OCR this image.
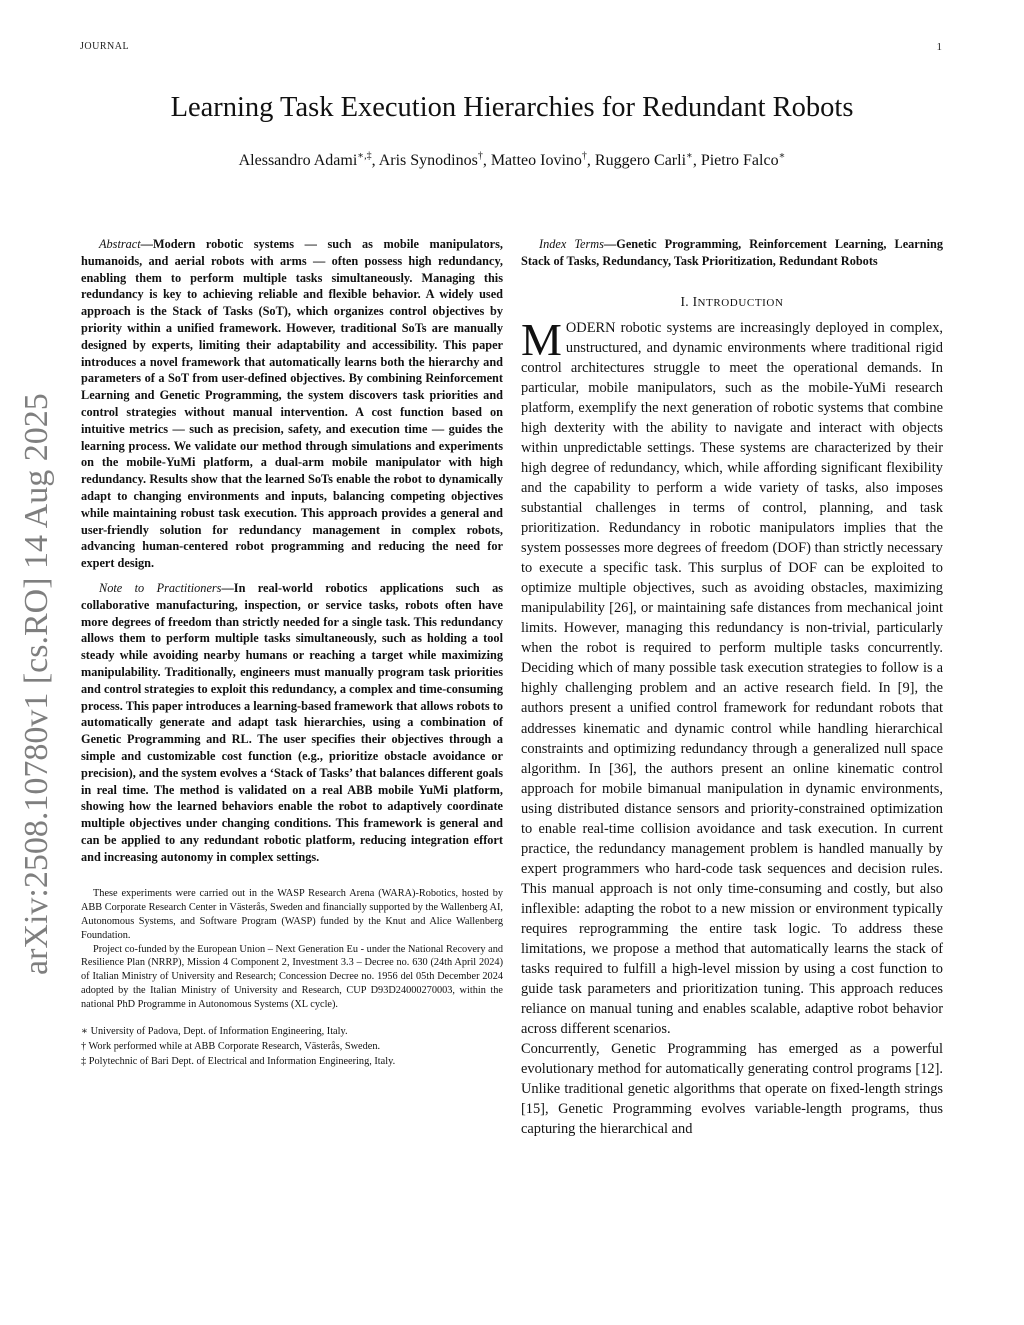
JOURNAL	1
arXiv:2508.10780v1 [cs.RO] 14 Aug 2025
Learning Task Execution Hierarchies for Redundant Robots
Alessandro Adami∗,‡, Aris Synodinos†, Matteo Iovino†, Ruggero Carli∗, Pietro Falco∗

Abstract—Modern robotic systems — such as mobile manipulators, humanoids, and aerial robots with arms — often possess high redundancy, enabling them to perform multiple tasks simultaneously. Managing this redundancy is key to achieving reliable and flexible behavior. A widely used approach is the Stack of Tasks (SoT), which organizes control objectives by priority within a unified framework. However, traditional SoTs are manually designed by experts, limiting their adaptability and accessibility. This paper introduces a novel framework that automatically learns both the hierarchy and parameters of a SoT from user-defined objectives. By combining Reinforcement Learning and Genetic Programming, the system discovers task priorities and control strategies without manual intervention. A cost function based on intuitive metrics — such as precision, safety, and execution time — guides the learning process. We validate our method through simulations and experiments on the mobile-YuMi platform, a dual-arm mobile manipulator with high redundancy. Results show that the learned SoTs enable the robot to dynamically adapt to changing environments and inputs, balancing competing objectives while maintaining robust task execution. This approach provides a general and user-friendly solution for redundancy management in complex robots, advancing human-centered robot programming and reducing the need for expert design.

Note to Practitioners—In real-world robotics applications such as collaborative manufacturing, inspection, or service tasks, robots often have more degrees of freedom than strictly needed for a single task. This redundancy allows them to perform multiple tasks simultaneously, such as holding a tool steady while avoiding nearby humans or reaching a target while maximizing manipulability. Traditionally, engineers must manually program task priorities and control strategies to exploit this redundancy, a complex and time-consuming process. This paper introduces a learning-based framework that allows robots to automatically generate and adapt task hierarchies, using a combination of Genetic Programming and RL. The user specifies their objectives through a simple and customizable cost function (e.g., prioritize obstacle avoidance or precision), and the system evolves a ‘Stack of Tasks’ that balances different goals in real time. The method is validated on a real ABB mobile YuMi platform, showing how the learned behaviors enable the robot to adaptively coordinate multiple objectives under changing conditions. This framework is general and can be applied to any redundant robotic platform, reducing integration effort and increasing autonomy in complex settings.

These experiments were carried out in the WASP Research Arena (WARA)-Robotics, hosted by ABB Corporate Research Center in Västerås, Sweden and financially supported by the Wallenberg AI, Autonomous Systems, and Software Program (WASP) funded by the Knut and Alice Wallenberg Foundation.

Project co-funded by the European Union – Next Generation Eu - under the National Recovery and Resilience Plan (NRRP), Mission 4 Component 2, Investment 3.3 – Decree no. 630 (24th April 2024) of Italian Ministry of University and Research; Concession Decree no. 1956 del 05th December 2024 adopted by the Italian Ministry of University and Research, CUP D93D24000270003, within the national PhD Programme in Autonomous Systems (XL cycle).

∗ University of Padova, Dept. of Information Engineering, Italy.

† Work performed while at ABB Corporate Research, Västerås, Sweden.

‡ Polytechnic of Bari Dept. of Electrical and Information Engineering, Italy.

Index Terms—Genetic Programming, Reinforcement Learning, Learning Stack of Tasks, Redundancy, Task Prioritization, Redundant Robots

I. INTRODUCTION

MODERN robotic systems are increasingly deployed in complex, unstructured, and dynamic environments where traditional rigid control architectures struggle to meet the operational demands. In particular, mobile manipulators, such as the mobile-YuMi research platform, exemplify the next generation of robotic systems that combine high dexterity with the ability to navigate and interact with objects within unpredictable settings. These systems are characterized by their high degree of redundancy, which, while affording significant flexibility and the capability to perform a wide variety of tasks, also imposes substantial challenges in terms of control, planning, and task prioritization. Redundancy in robotic manipulators implies that the system possesses more degrees of freedom (DOF) than strictly necessary to execute a specific task. This surplus of DOF can be exploited to optimize multiple objectives, such as avoiding obstacles, maximizing manipulability [26], or maintaining safe distances from mechanical joint limits. However, managing this redundancy is non-trivial, particularly when the robot is required to perform multiple tasks concurrently. Deciding which of many possible task execution strategies to follow is a highly challenging problem and an active research field. In [9], the authors present a unified control framework for redundant robots that addresses kinematic and dynamic control while handling hierarchical constraints and optimizing redundancy through a generalized null space algorithm. In [36], the authors present an online kinematic control approach for mobile bimanual manipulation in dynamic environments, using distributed distance sensors and priority-constrained optimization to enable real-time collision avoidance and task execution. In current practice, the redundancy management problem is handled manually by expert programmers who hard-code task sequences and decision rules. This manual approach is not only time-consuming and costly, but also inflexible: adapting the robot to a new mission or environment typically requires reprogramming the entire task logic. To address these limitations, we propose a method that automatically learns the stack of tasks required to fulfill a high-level mission by using a cost function to guide task parameters and prioritization tuning. This approach reduces reliance on manual tuning and enables scalable, adaptive robot behavior across different scenarios.

Concurrently, Genetic Programming has emerged as a powerful evolutionary method for automatically generating control programs [12]. Unlike traditional genetic algorithms that operate on fixed-length strings [15], Genetic Programming evolves variable-length programs, thus capturing the hierarchical and
